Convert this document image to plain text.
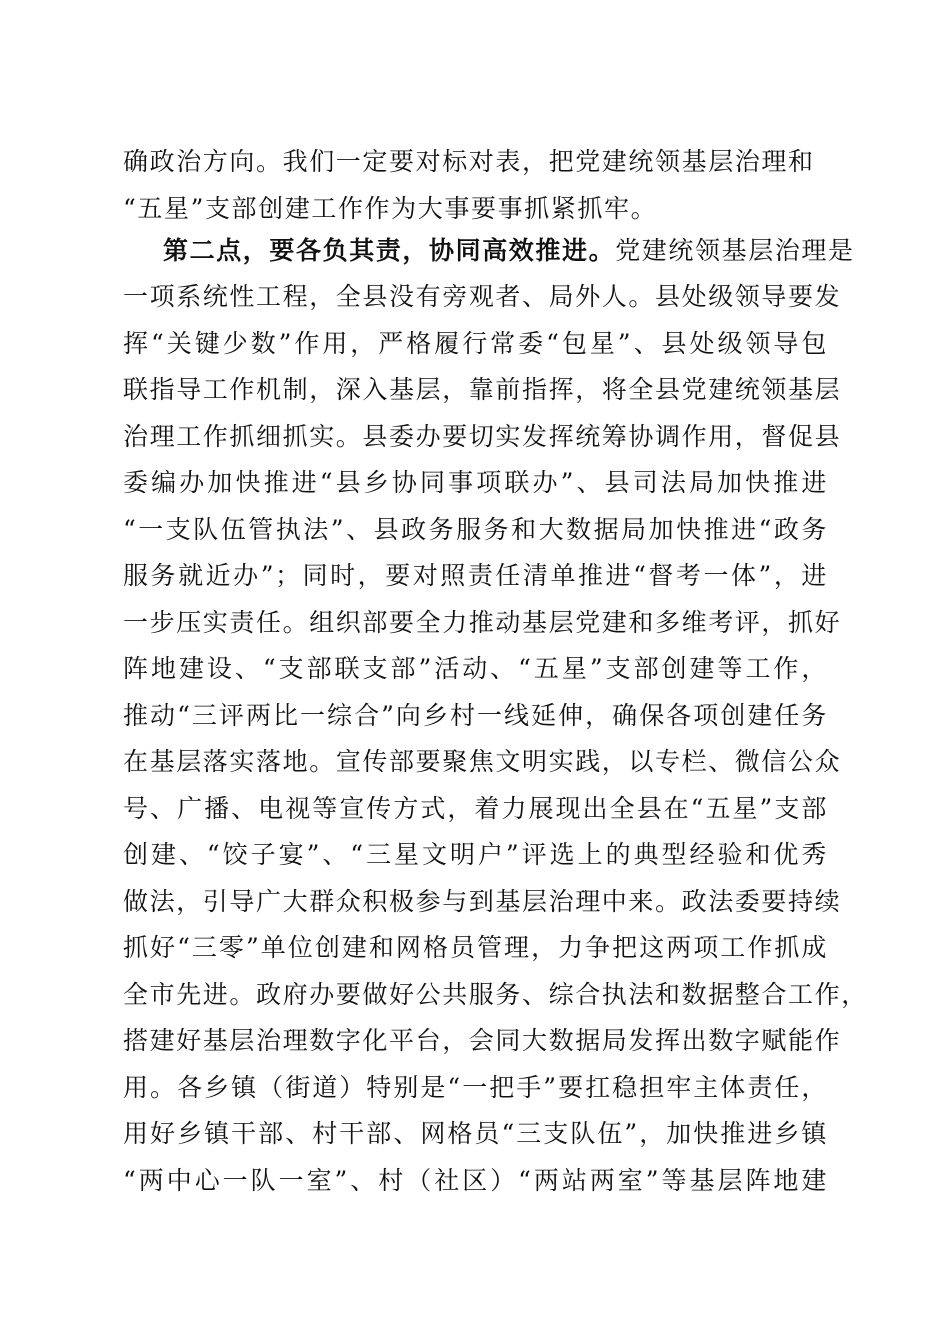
确政治方向。我们一定要对标对表，把党建统领基层治理和
“五星”支部创建工作作为大事要事抓紧抓牢。
第二点，要各负其责，协同高效推进。党建统领基层治理是
一项系统性工程，全县没有旁观者、局外人。县处级领导要发
挥“关键少数”作用，严格履行常委“包星”、县处级领导包
联指导工作机制，深入基层，靠前指挥，将全县党建统领基层
治理工作抓细抓实。县委办要切实发挥统筹协调作用，督促县
委编办加快推进“县乡协同事项联办”、县司法局加快推进
“一支队伍管执法”、县政务服务和大数据局加快推进“政务
服务就近办”；同时，要对照责任清单推进“督考一体”，进
一步压实责任。组织部要全力推动基层党建和多维考评，抓好
阵地建设、“支部联支部”活动、“五星”支部创建等工作，
推动“三评两比一综合”向乡村一线延伸，确保各项创建任务
在基层落实落地。宣传部要聚焦文明实践，以专栏、微信公众
号、广播、电视等宣传方式，着力展现出全县在“五星”支部
创建、“饺子宴”、“三星文明户”评选上的典型经验和优秀
做法，引导广大群众积极参与到基层治理中来。政法委要持续
抓好“三零”单位创建和网格员管理，力争把这两项工作抓成
全市先进。政府办要做好公共服务、综合执法和数据整合工作，
搭建好基层治理数字化平台，会同大数据局发挥出数字赋能作
用。各乡镇（街道）特别是“一把手”要扛稳担牢主体责任，
用好乡镇干部、村干部、网格员“三支队伍”，加快推进乡镇
“两中心一队一室”、村（社区）“两站两室”等基层阵地建
